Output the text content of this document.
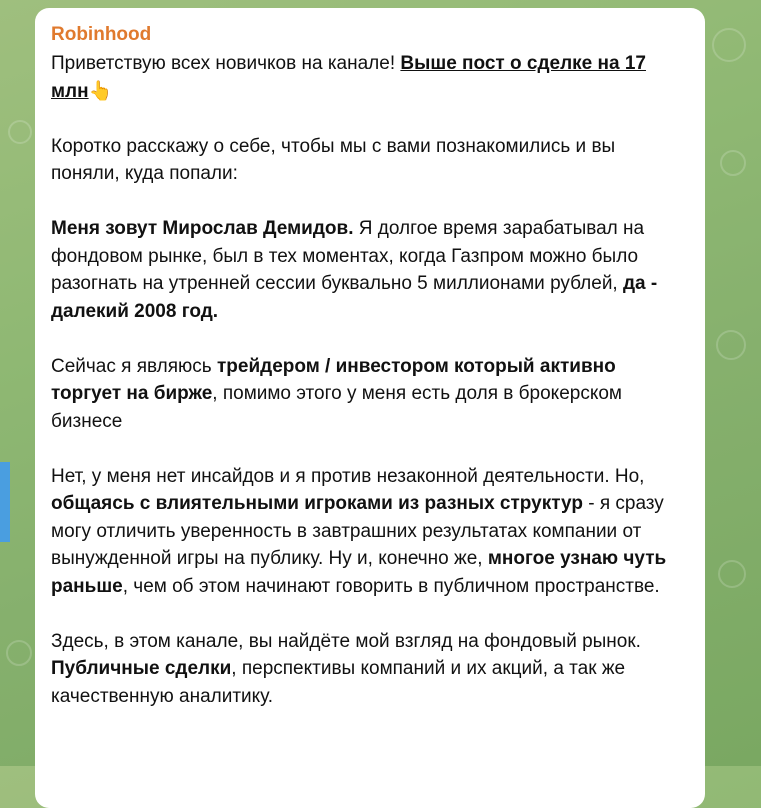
Robinhood

Приветствую всех новичков на канале! Выше пост о сделке на 17 млн👆

Коротко расскажу о себе, чтобы мы с вами познакомились и вы поняли, куда попали:

Меня зовут Мирослав Демидов. Я долгое время зарабатывал на фондовом рынке, был в тех моментах, когда Газпром можно было разогнать на утренней сессии буквально 5 миллионами рублей, да - далекий 2008 год.

Сейчас я являюсь трейдером / инвестором который активно торгует на бирже, помимо этого у меня есть доля в брокерском бизнесе

Нет, у меня нет инсайдов и я против незаконной деятельности. Но, общаясь с влиятельными игроками из разных структур - я сразу могу отличить уверенность в завтрашних результатах компании от вынужденной игры на публику. Ну и, конечно же, многое узнаю чуть раньше, чем об этом начинают говорить в публичном пространстве.

Здесь, в этом канале, вы найдёте мой взгляд на фондовый рынок. Публичные сделки, перспективы компаний и их акций, а так же качественную аналитику.
